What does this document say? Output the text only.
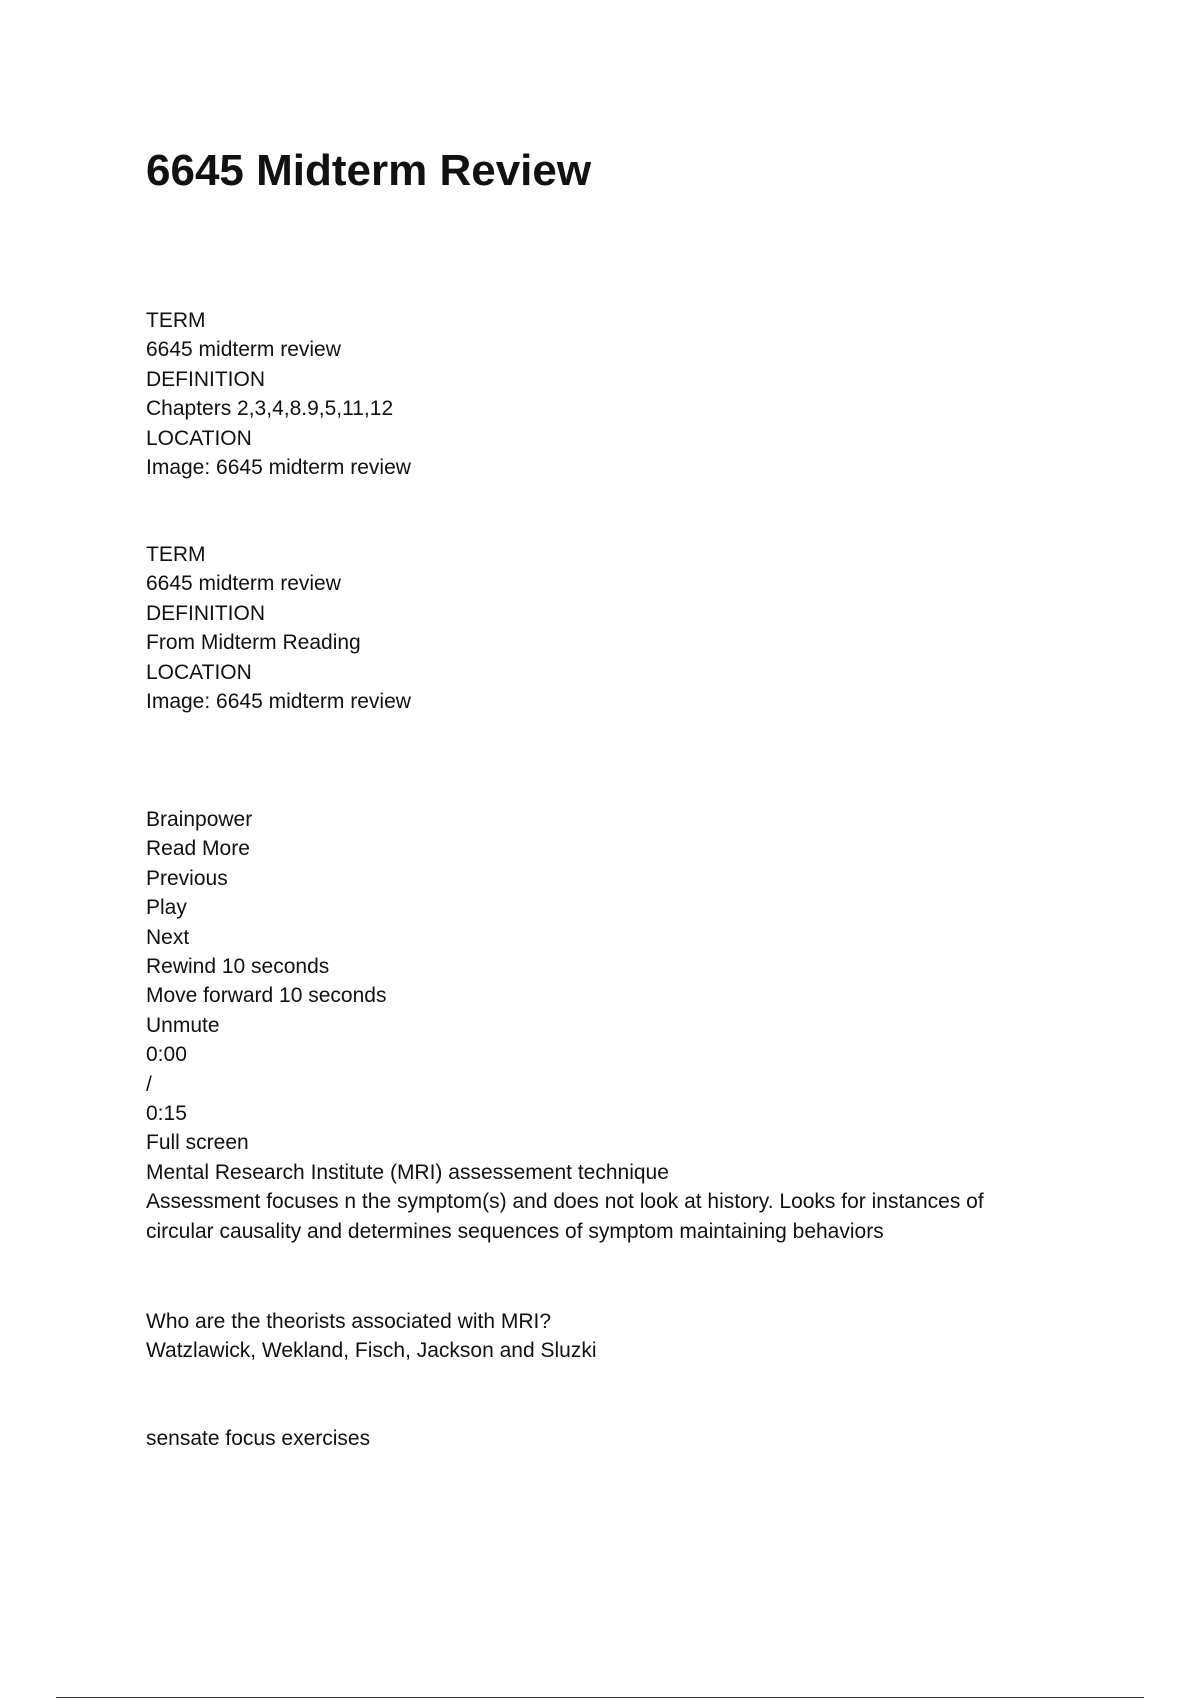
6645 Midterm Review
TERM
6645 midterm review
DEFINITION
Chapters 2,3,4,8.9,5,11,12
LOCATION
Image: 6645 midterm review
TERM
6645 midterm review
DEFINITION
From Midterm Reading
LOCATION
Image: 6645 midterm review
Brainpower
Read More
Previous
Play
Next
Rewind 10 seconds
Move forward 10 seconds
Unmute
0:00
/
0:15
Full screen
Mental Research Institute (MRI) assessement technique
Assessment focuses n the symptom(s) and does not look at history. Looks for instances of circular causality and determines sequences of symptom maintaining behaviors
Who are the theorists associated with MRI?
Watzlawick, Wekland, Fisch, Jackson and Sluzki
sensate focus exercises
